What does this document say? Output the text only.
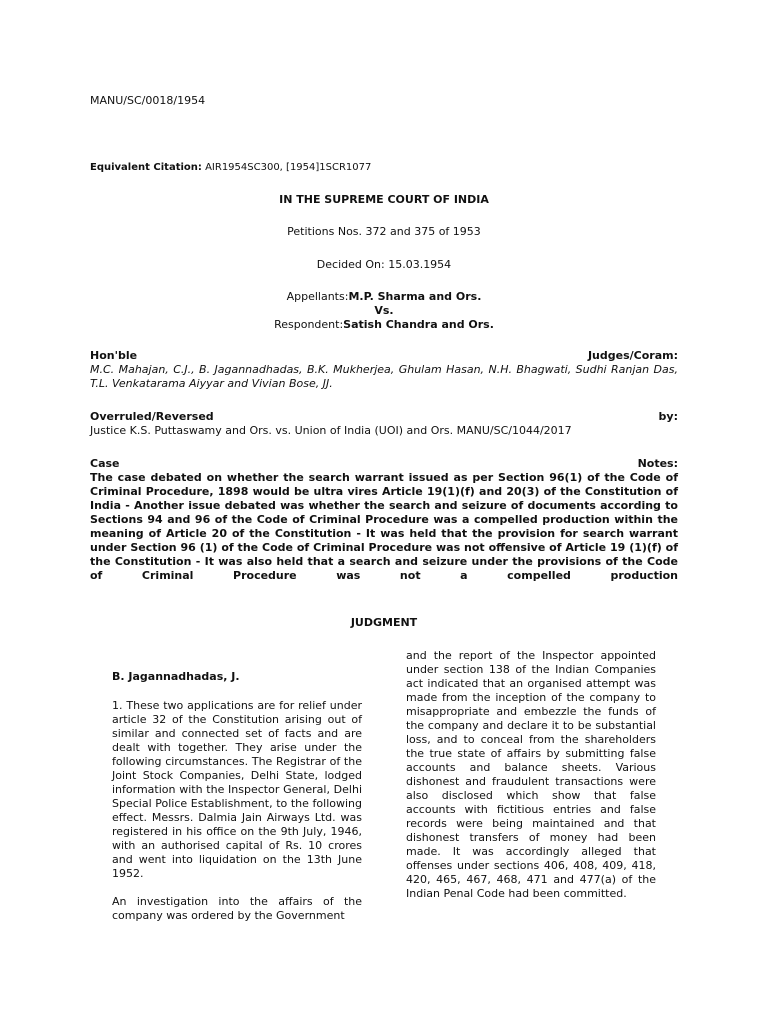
MANU/SC/0018/1954
Equivalent Citation: AIR1954SC300, [1954]1SCR1077
IN THE SUPREME COURT OF INDIA
Petitions Nos. 372 and 375 of 1953
Decided On: 15.03.1954
Appellants:M.P. Sharma and Ors.
Vs.
Respondent:Satish Chandra and Ors.
Hon'ble	Judges/Coram:
M.C. Mahajan, C.J., B. Jagannadhadas, B.K. Mukherjea, Ghulam Hasan, N.H. Bhagwati, Sudhi Ranjan Das, T.L. Venkatarama Aiyyar and Vivian Bose, JJ.
Overruled/Reversed	by:
Justice K.S. Puttaswamy and Ors. vs. Union of India (UOI) and Ors. MANU/SC/1044/2017
Case	Notes:
The case debated on whether the search warrant issued as per Section 96(1) of the Code of Criminal Procedure, 1898 would be ultra vires Article 19(1)(f) and 20(3) of the Constitution of India - Another issue debated was whether the search and seizure of documents according to Sections 94 and 96 of the Code of Criminal Procedure was a compelled production within the meaning of Article 20 of the Constitution - It was held that the provision for search warrant under Section 96 (1) of the Code of Criminal Procedure was not offensive of Article 19 (1)(f) of the Constitution - It was also held that a search and seizure under the provisions of the Code of Criminal Procedure was not a compelled production
JUDGMENT
B. Jagannadhadas, J.

1. These two applications are for relief under article 32 of the Constitution arising out of similar and connected set of facts and are dealt with together. They arise under the following circumstances. The Registrar of the Joint Stock Companies, Delhi State, lodged information with the Inspector General, Delhi Special Police Establishment, to the following effect. Messrs. Dalmia Jain Airways Ltd. was registered in his office on the 9th July, 1946, with an authorised capital of Rs. 10 crores and went into liquidation on the 13th June 1952.

An investigation into the affairs of the company was ordered by the Government

and the report of the Inspector appointed under section 138 of the Indian Companies act indicated that an organised attempt was made from the inception of the company to misappropriate and embezzle the funds of the company and declare it to be substantial loss, and to conceal from the shareholders the true state of affairs by submitting false accounts and balance sheets. Various dishonest and fraudulent transactions were also disclosed which show that false accounts with fictitious entries and false records were being maintained and that dishonest transfers of money had been made. It was accordingly alleged that offenses under sections 406, 408, 409, 418, 420, 465, 467, 468, 471 and 477(a) of the Indian Penal Code had been committed.
